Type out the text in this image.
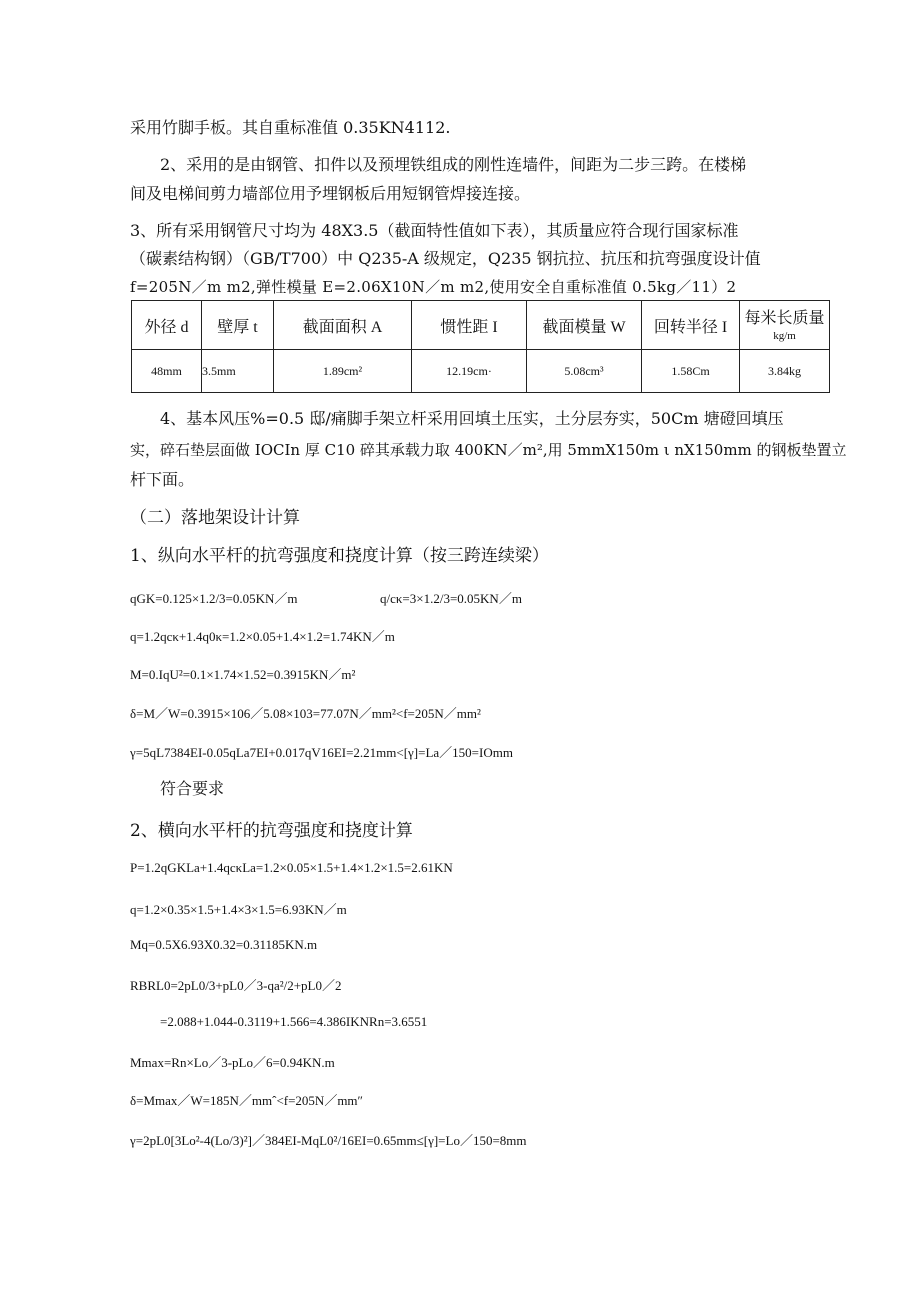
采用竹脚手板。其自重标准值 0.35KN4112.
2、采用的是由钢管、扣件以及预埋铁组成的刚性连墙件，间距为二步三跨。在楼梯
间及电梯间剪力墙部位用予埋钢板后用短钢管焊接连接。
3、所有采用钢管尺寸均为 48X3.5（截面特性值如下表），其质量应符合现行国家标准
（碳素结构钢）（GB/T700）中 Q235-A 级规定，Q235 钢抗拉、抗压和抗弯强度设计值
f=205N／m m2,弹性模量 E=2.06X10N／m m2,使用安全自重标准值 0.5kg／11）2
外径 d	壁厚 t	截面面积 A	惯性距 I	截面模量 W	回转半径 I	每米长质量
kg/m

48mm	3.5mm	1.89cm²	12.19cm·	5.08cm³	1.58Cm	3.84kg
4、基本风压%=0.5 邸/痛脚手架立杆采用回填土压实，土分层夯实，50Cm 塘磴回填压
实，碎石垫层面做 IOCIn 厚 C10 碎其承载力取 400KN／m²,用 5mmX150m ι nX150mm 的钢板垫置立
杆下面。
（二）落地架设计计算
1、纵向水平杆的抗弯强度和挠度计算（按三跨连续梁）
qGK=0.125×1.2/3=0.05KN／m	q/cκ=3×1.2/3=0.05KN／m
q=1.2qcκ+1.4q0κ=1.2×0.05+1.4×1.2=1.74KN／m
M=0.IqU²=0.1×1.74×1.52=0.3915KN／m²
δ=M／W=0.3915×106／5.08×103=77.07N／mm²<f=205N／mm²
γ=5qL7384EI-0.05qLa7EI+0.017qV16EI=2.21mm<[γ]=La／150=IOmm
符合要求
2、横向水平杆的抗弯强度和挠度计算
P=1.2qGKLa+1.4qcκLa=1.2×0.05×1.5+1.4×1.2×1.5=2.61KN
q=1.2×0.35×1.5+1.4×3×1.5=6.93KN／m
Mq=0.5X6.93X0.32=0.31185KN.m
RBRL0=2pL0/3+pL0／3-qa²/2+pL0／2
=2.088+1.044-0.3119+1.566=4.386IKNRn=3.6551
Mmax=Rn×Lo／3-pLo／6=0.94KN.m
δ=Mmax／W=185N／mmˆ<f=205N／mm″
γ=2pL0[3Lo²-4(Lo/3)²]／384EI-MqL0²/16EI=0.65mm≤[γ]=Lo／150=8mm
